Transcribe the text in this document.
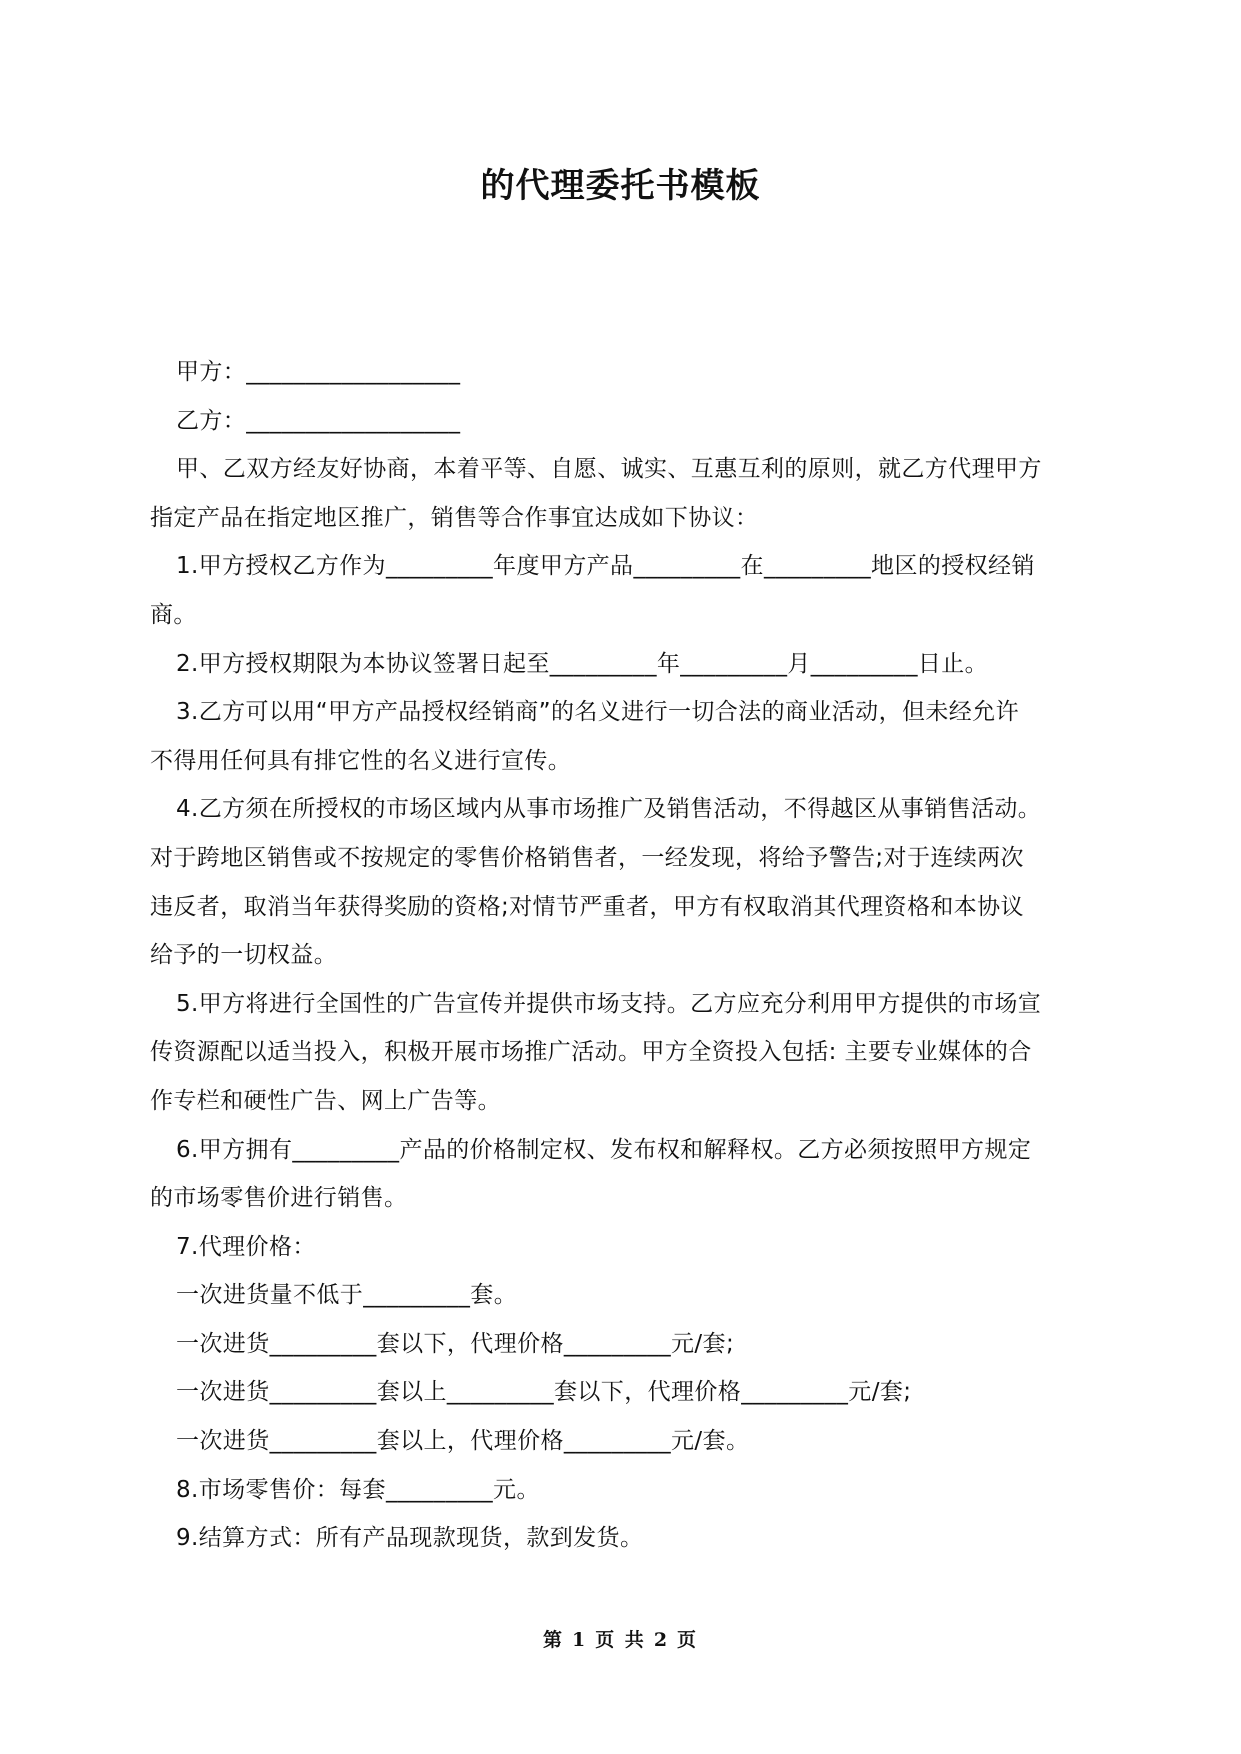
的代理委托书模板
甲方：__________________
乙方：__________________
甲、乙双方经友好协商，本着平等、自愿、诚实、互惠互利的原则，就乙方代理甲方
指定产品在指定地区推广，销售等合作事宜达成如下协议：
1.甲方授权乙方作为_________年度甲方产品_________在_________地区的授权经销
商。
2.甲方授权期限为本协议签署日起至_________年_________月_________日止。
3.乙方可以用“甲方产品授权经销商”的名义进行一切合法的商业活动，但未经允许
不得用任何具有排它性的名义进行宣传。
4.乙方须在所授权的市场区域内从事市场推广及销售活动，不得越区从事销售活动。
对于跨地区销售或不按规定的零售价格销售者，一经发现，将给予警告;对于连续两次
违反者，取消当年获得奖励的资格;对情节严重者，甲方有权取消其代理资格和本协议
给予的一切权益。
5.甲方将进行全国性的广告宣传并提供市场支持。乙方应充分利用甲方提供的市场宣
传资源配以适当投入，积极开展市场推广活动。甲方全资投入包括: 主要专业媒体的合
作专栏和硬性广告、网上广告等。
6.甲方拥有_________产品的价格制定权、发布权和解释权。乙方必须按照甲方规定
的市场零售价进行销售。
7.代理价格：
一次进货量不低于_________套。
一次进货_________套以下，代理价格_________元/套;
一次进货_________套以上_________套以下，代理价格_________元/套;
一次进货_________套以上，代理价格_________元/套。
8.市场零售价：每套_________元。
9.结算方式：所有产品现款现货，款到发货。
第 1 页 共 2 页
